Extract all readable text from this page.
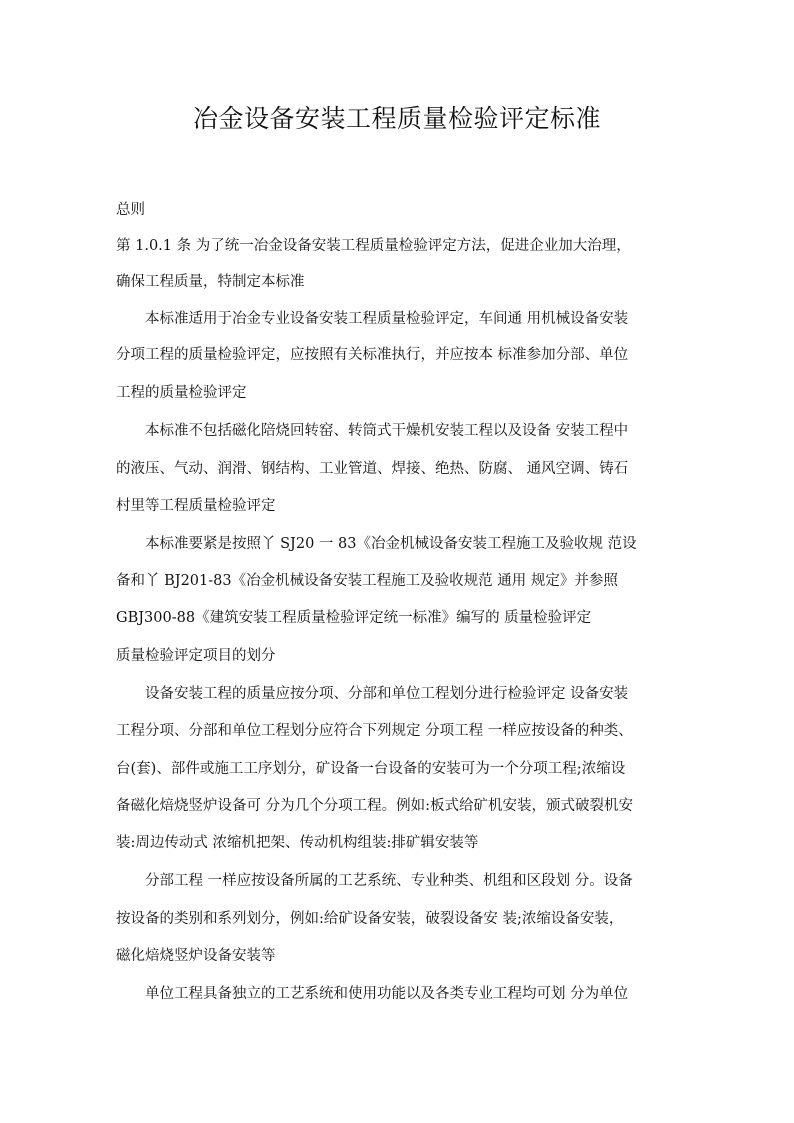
冶金设备安装工程质量检验评定标准

总则

第 1.0.1 条 为了统一冶金设备安装工程质量检验评定方法，促进企业加大治理，

确保工程质量，特制定本标准

本标准适用于冶金专业设备安装工程质量检验评定，车间通 用机械设备安装

分项工程的质量检验评定，应按照有关标准执行，并应按本 标准参加分部、单位

工程的质量检验评定

本标准不包括磁化陪烧回转窑、转筒式干燥机安装工程以及设备 安装工程中

的液压、气动、润滑、钢结构、工业管道、焊接、绝热、防腐、 通风空调、铸石

村里等工程质量检验评定

本标准要紧是按照丫 SJ20 一 83《冶金机械设备安装工程施工及验收规 范设

备和丫 BJ201-83《冶金机械设备安装工程施工及验收规范 通用 规定》并参照

GBJ300-88《建筑安装工程质量检验评定统一标准》编写的 质量检验评定

质量检验评定项目的划分

设备安装工程的质量应按分项、分部和单位工程划分进行检验评定 设备安装

工程分项、分部和单位工程划分应符合下列规定 分项工程 一样应按设备的种类、

台(套)、部件或施工工序划分，矿设备一台设备的安装可为一个分项工程;浓缩设

备磁化焙烧竖炉设备可 分为几个分项工程。例如:板式给矿机安装，颁式破裂机安

装:周边传动式 浓缩机把架、传动机构组装:排矿辑安装等

分部工程 一样应按设备所属的工艺系统、专业种类、机组和区段划 分。设备

按设备的类别和系列划分，例如:给矿设备安装，破裂设备安 装;浓缩设备安装，

磁化焙烧竖炉设备安装等

单位工程具备独立的工艺系统和使用功能以及各类专业工程均可划 分为单位
